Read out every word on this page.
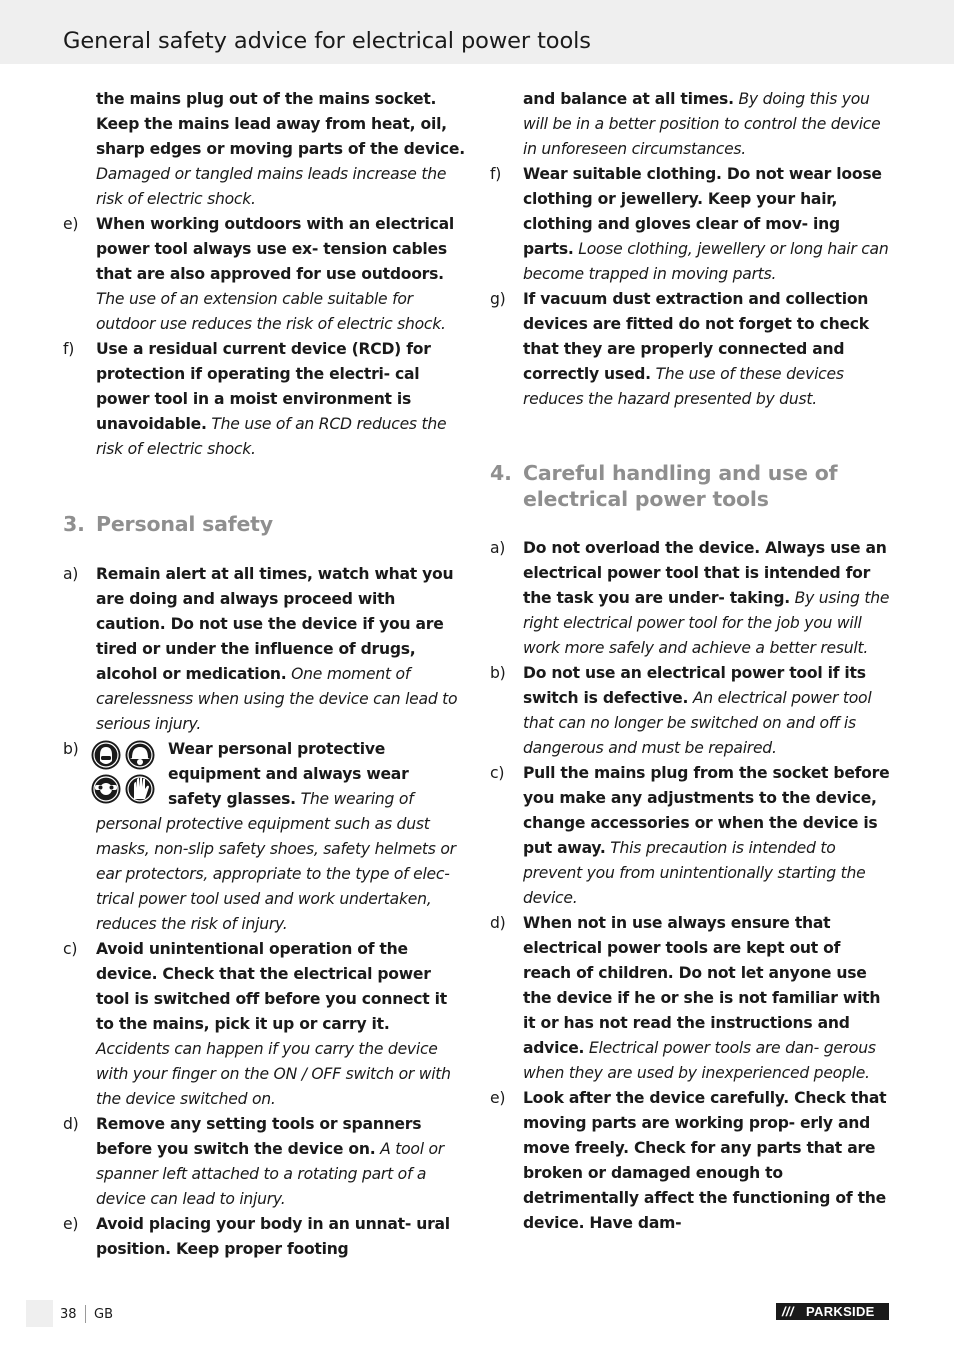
General safety advice for electrical power tools
the mains plug out of the mains socket. Keep the mains lead away from heat, oil, sharp edges or moving parts of the device. Damaged or tangled mains leads increase the risk of electric shock.
e) When working outdoors with an electrical power tool always use ex- tension cables that are also approved for use outdoors. The use of an extension cable suitable for outdoor use reduces the risk of electric shock.
f) Use a residual current device (RCD) for protection if operating the electri- cal power tool in a moist environment is unavoidable. The use of an RCD reduces the risk of electric shock.
3. Personal safety
a) Remain alert at all times, watch what you are doing and always proceed with caution. Do not use the device if you are tired or under the influence of drugs, alcohol or medication. One moment of carelessness when using the device can lead to serious injury.
b)	Wear personal protective equipment and always wear safety glasses. The wearing of personal protective equipment such as dust masks, non-slip safety shoes, safety helmets or ear protectors, appropriate to the type of elec- trical power tool used and work undertaken, reduces the risk of injury.
c) Avoid unintentional operation of the device. Check that the electrical power tool is switched off before you connect it to the mains, pick it up or carry it. Accidents can happen if you carry the device with your finger on the ON / OFF switch or with the device switched on.
d) Remove any setting tools or spanners before you switch the device on. A tool or spanner left attached to a rotating part of a device can lead to injury.
e) Avoid placing your body in an unnat- ural position. Keep proper footing
and balance at all times. By doing this you will be in a better position to control the device in unforeseen circumstances.
f) Wear suitable clothing. Do not wear loose clothing or jewellery. Keep your hair, clothing and gloves clear of mov- ing parts. Loose clothing, jewellery or long hair can become trapped in moving parts.
g) If vacuum dust extraction and collection devices are fitted do not forget to check that they are properly connected and correctly used. The use of these devices reduces the hazard presented by dust.
4. Careful handling and use of electrical power tools
a) Do not overload the device. Always use an electrical power tool that is intended for the task you are under- taking. By using the right electrical power tool for the job you will work more safely and achieve a better result.
b) Do not use an electrical power tool if its switch is defective. An electrical power tool that can no longer be switched on and off is dangerous and must be repaired.
c) Pull the mains plug from the socket before you make any adjustments to the device, change accessories or when the device is put away. This precaution is intended to prevent you from unintentionally starting the device.
d) When not in use always ensure that electrical power tools are kept out of reach of children. Do not let anyone use the device if he or she is not familiar with it or has not read the instructions and advice. Electrical power tools are dan- gerous when they are used by inexperienced people.
e) Look after the device carefully. Check that moving parts are working prop- erly and move freely. Check for any parts that are broken or damaged enough to detrimentally affect the functioning of the device. Have dam-
38 GB	/// PARKSIDE
